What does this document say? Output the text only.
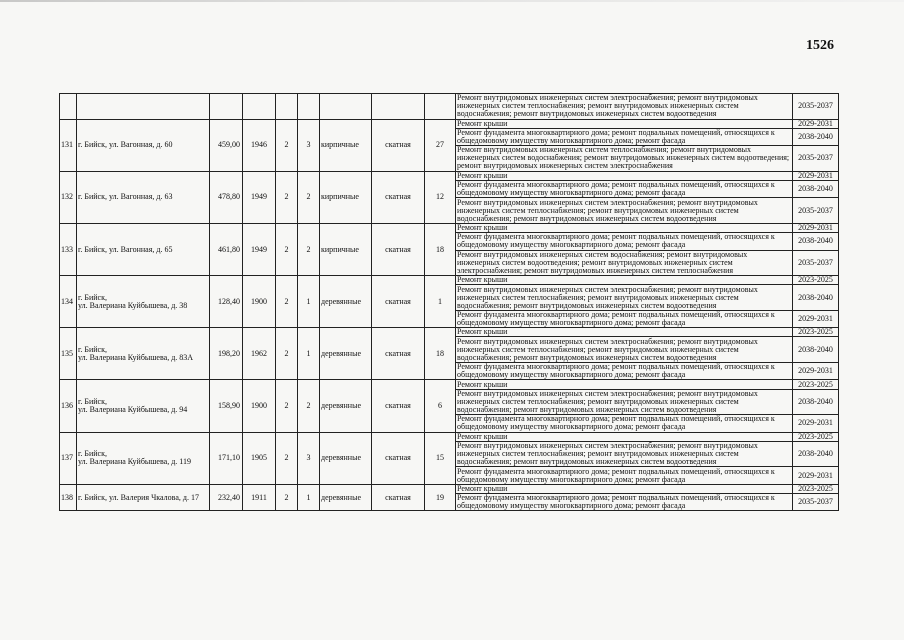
1526

								Ремонт внутридомовых инженерных систем электроснабжения; ремонт внутридомовых инженерных систем теплоснабжения; ремонт внутридомовых инженерных систем водоснабжения; ремонт внутридомовых инженерных систем водоотведения	2035-2037
131	г. Бийск, ул. Вагонная, д. 60	459,00	1946	2	3	кирпичные	скатная	27	Ремонт крыши	2029-2031
									Ремонт фундамента многоквартирного дома; ремонт подвальных помещений, относящихся к общедомовому имуществу многоквартирного дома; ремонт фасада	2038-2040
									Ремонт внутридомовых инженерных систем теплоснабжения; ремонт внутридомовых инженерных систем водоснабжения; ремонт внутридомовых инженерных систем водоотведения; ремонт внутридомовых инженерных систем электроснабжения	2035-2037
132	г. Бийск, ул. Вагонная, д. 63	478,80	1949	2	2	кирпичные	скатная	12	Ремонт крыши	2029-2031
									Ремонт фундамента многоквартирного дома; ремонт подвальных помещений, относящихся к общедомовому имуществу многоквартирного дома; ремонт фасада	2038-2040
									Ремонт внутридомовых инженерных систем электроснабжения; ремонт внутридомовых инженерных систем теплоснабжения; ремонт внутридомовых инженерных систем водоснабжения; ремонт внутридомовых инженерных систем водоотведения	2035-2037
133	г. Бийск, ул. Вагонная, д. 65	461,80	1949	2	2	кирпичные	скатная	18	Ремонт крыши	2029-2031
									Ремонт фундамента многоквартирного дома; ремонт подвальных помещений, относящихся к общедомовому имуществу многоквартирного дома; ремонт фасада	2038-2040
									Ремонт внутридомовых инженерных систем водоснабжения; ремонт внутридомовых инженерных систем водоотведения; ремонт внутридомовых инженерных систем электроснабжения; ремонт внутридомовых инженерных систем теплоснабжения	2035-2037
134	г. Бийск,
ул. Валериана Куйбышева, д. 38	128,40	1900	2	1	деревянные	скатная	1	Ремонт крыши	2023-2025
									Ремонт внутридомовых инженерных систем электроснабжения; ремонт внутридомовых инженерных систем теплоснабжения; ремонт внутридомовых инженерных систем водоснабжения; ремонт внутридомовых инженерных систем водоотведения	2038-2040
									Ремонт фундамента многоквартирного дома; ремонт подвальных помещений, относящихся к общедомовому имуществу многоквартирного дома; ремонт фасада	2029-2031
135	г. Бийск,
ул. Валериана Куйбышева, д. 83А	198,20	1962	2	1	деревянные	скатная	18	Ремонт крыши	2023-2025
									Ремонт внутридомовых инженерных систем электроснабжения; ремонт внутридомовых инженерных систем теплоснабжения; ремонт внутридомовых инженерных систем водоснабжения; ремонт внутридомовых инженерных систем водоотведения	2038-2040
									Ремонт фундамента многоквартирного дома; ремонт подвальных помещений, относящихся к общедомовому имуществу многоквартирного дома; ремонт фасада	2029-2031
136	г. Бийск,
ул. Валериана Куйбышева, д. 94	158,90	1900	2	2	деревянные	скатная	6	Ремонт крыши	2023-2025
									Ремонт внутридомовых инженерных систем электроснабжения; ремонт внутридомовых инженерных систем теплоснабжения; ремонт внутридомовых инженерных систем водоснабжения; ремонт внутридомовых инженерных систем водоотведения	2038-2040
									Ремонт фундамента многоквартирного дома; ремонт подвальных помещений, относящихся к общедомовому имуществу многоквартирного дома; ремонт фасада	2029-2031
137	г. Бийск,
ул. Валериана Куйбышева, д. 119	171,10	1905	2	3	деревянные	скатная	15	Ремонт крыши	2023-2025
									Ремонт внутридомовых инженерных систем электроснабжения; ремонт внутридомовых инженерных систем теплоснабжения; ремонт внутридомовых инженерных систем водоснабжения; ремонт внутридомовых инженерных систем водоотведения	2038-2040
									Ремонт фундамента многоквартирного дома; ремонт подвальных помещений, относящихся к общедомовому имуществу многоквартирного дома; ремонт фасада	2029-2031
138	г. Бийск, ул. Валерия Чкалова, д. 17	232,40	1911	2	1	деревянные	скатная	19	Ремонт крыши	2023-2025
									Ремонт фундамента многоквартирного дома; ремонт подвальных помещений, относящихся к общедомовому имуществу многоквартирного дома; ремонт фасада	2035-2037
